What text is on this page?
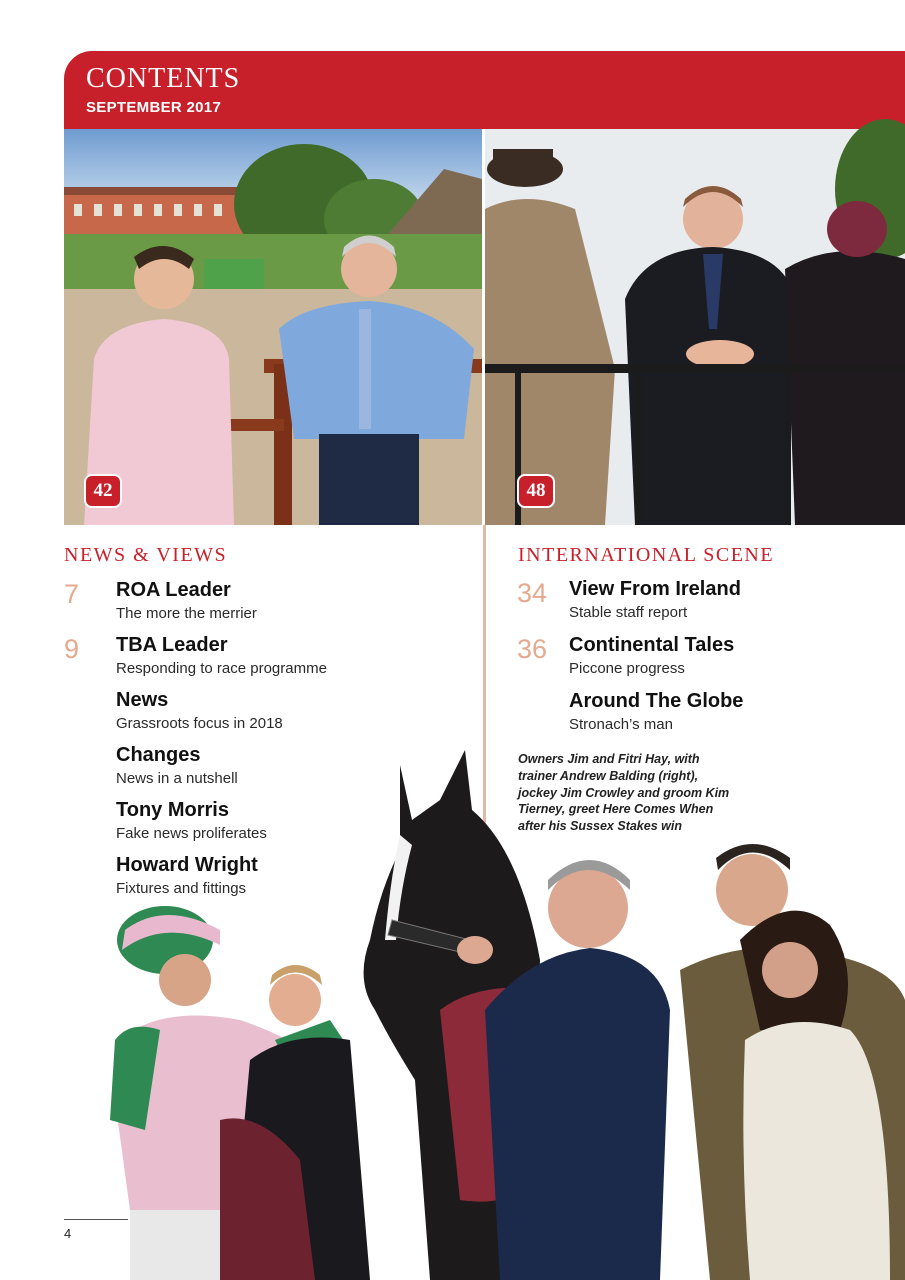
CONTENTS
SEPTEMBER 2017
42	48
NEWS & VIEWS
7	ROA Leader
The more the merrier
9	TBA Leader
Responding to race programme
News
Grassroots focus in 2018
Changes
News in a nutshell
Tony Morris
Fake news proliferates
Howard Wright
Fixtures and fittings
INTERNATIONAL SCENE
34	View From Ireland
Stable staff report
36	Continental Tales
Piccone progress
Around The Globe
Stronach’s man
Owners Jim and Fitri Hay, with trainer Andrew Balding (right), jockey Jim Crowley and groom Kim Tierney, greet Here Comes When after his Sussex Stakes win
4
